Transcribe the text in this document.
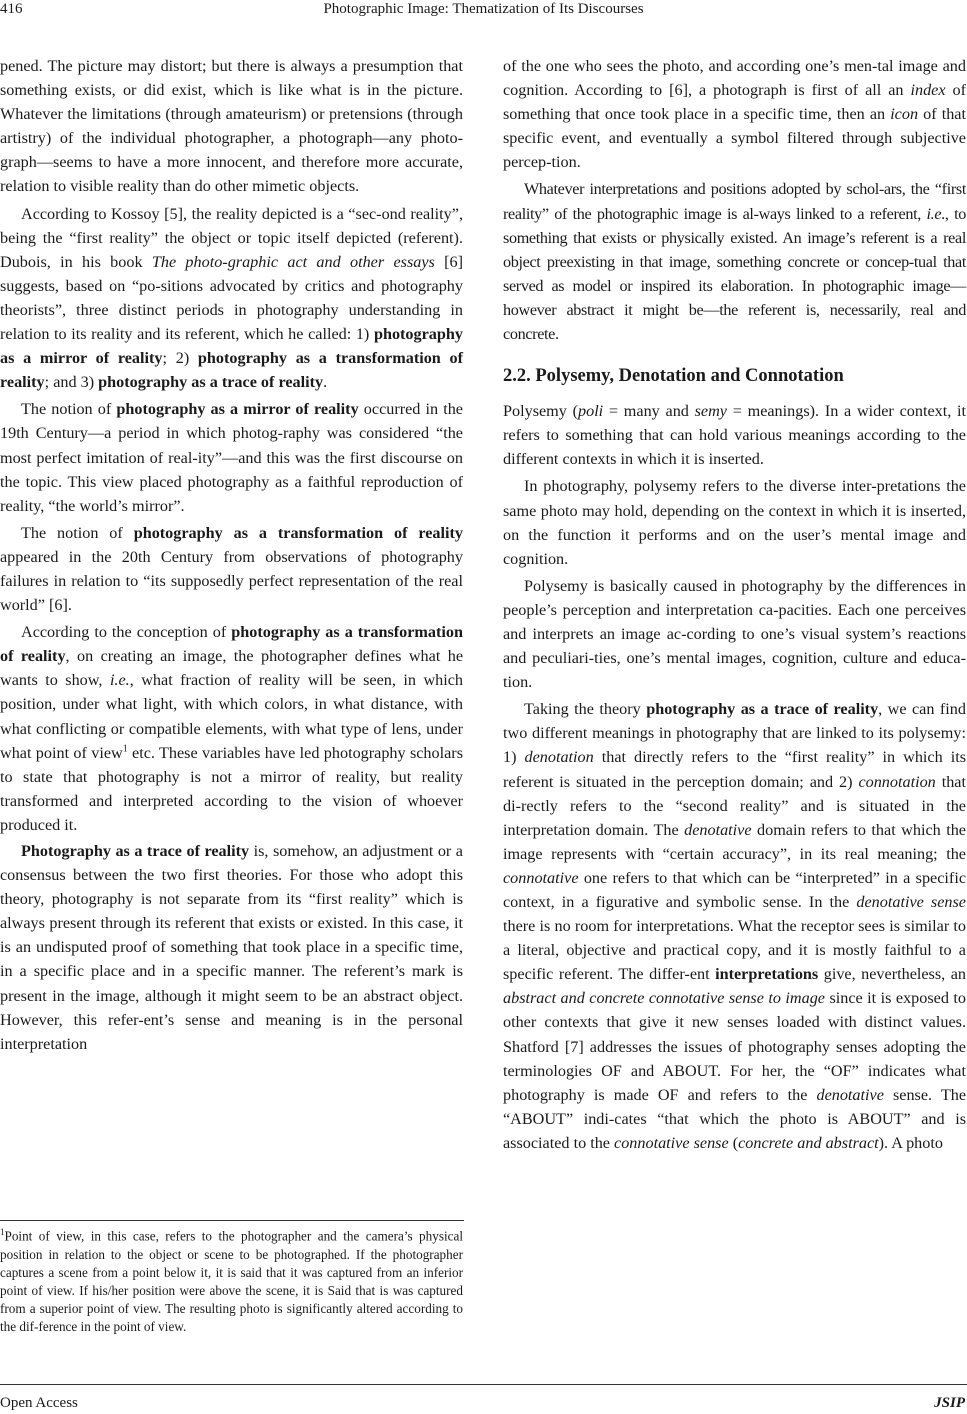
416	Photographic Image: Thematization of Its Discourses

pened. The picture may distort; but there is always a presumption that something exists, or did exist, which is like what is in the picture. Whatever the limitations (through amateurism) or pretensions (through artistry) of the individual photographer, a photograph—any photo-graph—seems to have a more innocent, and therefore more accurate, relation to visible reality than do other mimetic objects.

According to Kossoy [5], the reality depicted is a “sec-ond reality”, being the “first reality” the object or topic itself depicted (referent). Dubois, in his book The photo-graphic act and other essays [6] suggests, based on “po-sitions advocated by critics and photography theorists”, three distinct periods in photography understanding in relation to its reality and its referent, which he called: 1) photography as a mirror of reality; 2) photography as a transformation of reality; and 3) photography as a trace of reality.

The notion of photography as a mirror of reality occurred in the 19th Century—a period in which photog-raphy was considered “the most perfect imitation of real-ity”—and this was the first discourse on the topic. This view placed photography as a faithful reproduction of reality, “the world’s mirror”.

The notion of photography as a transformation of reality appeared in the 20th Century from observations of photography failures in relation to “its supposedly perfect representation of the real world” [6].

According to the conception of photography as a transformation of reality, on creating an image, the photographer defines what he wants to show, i.e., what fraction of reality will be seen, in which position, under what light, with which colors, in what distance, with what conflicting or compatible elements, with what type of lens, under what point of view$^1$ etc. These variables have led photography scholars to state that photography is not a mirror of reality, but reality transformed and interpreted according to the vision of whoever produced it.

Photography as a trace of reality is, somehow, an adjustment or a consensus between the two first theories. For those who adopt this theory, photography is not separate from its “first reality” which is always present through its referent that exists or existed. In this case, it is an undisputed proof of something that took place in a specific time, in a specific place and in a specific manner. The referent’s mark is present in the image, although it might seem to be an abstract object. However, this refer-ent’s sense and meaning is in the personal interpretation

$^1$Point of view, in this case, refers to the photographer and the camera’s physical position in relation to the object or scene to be photographed. If the photographer captures a scene from a point below it, it is said that it was captured from an inferior point of view. If his/her position were above the scene, it is Said that is was captured from a superior point of view. The resulting photo is significantly altered according to the dif-ference in the point of view.

of the one who sees the photo, and according one’s men-tal image and cognition. According to [6], a photograph is first of all an index of something that once took place in a specific time, then an icon of that specific event, and eventually a symbol filtered through subjective percep-tion.

Whatever interpretations and positions adopted by schol-ars, the “first reality” of the photographic image is al-ways linked to a referent, i.e., to something that exists or physically existed. An image’s referent is a real object preexisting in that image, something concrete or concep-tual that served as model or inspired its elaboration. In photographic image—however abstract it might be—the referent is, necessarily, real and concrete.

2.2. Polysemy, Denotation and Connotation

Polysemy (poli = many and semy = meanings). In a wider context, it refers to something that can hold various meanings according to the different contexts in which it is inserted.

In photography, polysemy refers to the diverse inter-pretations the same photo may hold, depending on the context in which it is inserted, on the function it performs and on the user’s mental image and cognition.

Polysemy is basically caused in photography by the differences in people’s perception and interpretation ca-pacities. Each one perceives and interprets an image ac-cording to one’s visual system’s reactions and peculiari-ties, one’s mental images, cognition, culture and educa-tion.

Taking the theory photography as a trace of reality, we can find two different meanings in photography that are linked to its polysemy: 1) denotation that directly refers to the “first reality” in which its referent is situated in the perception domain; and 2) connotation that di-rectly refers to the “second reality” and is situated in the interpretation domain. The denotative domain refers to that which the image represents with “certain accuracy”, in its real meaning; the connotative one refers to that which can be “interpreted” in a specific context, in a figurative and symbolic sense. In the denotative sense there is no room for interpretations. What the receptor sees is similar to a literal, objective and practical copy, and it is mostly faithful to a specific referent. The differ-ent interpretations give, nevertheless, an abstract and concrete connotative sense to image since it is exposed to other contexts that give it new senses loaded with distinct values. Shatford [7] addresses the issues of photography senses adopting the terminologies OF and ABOUT. For her, the “OF” indicates what photography is made OF and refers to the denotative sense. The “ABOUT” indi-cates “that which the photo is ABOUT” and is associated to the connotative sense (concrete and abstract). A photo

Open Access	JSIP
